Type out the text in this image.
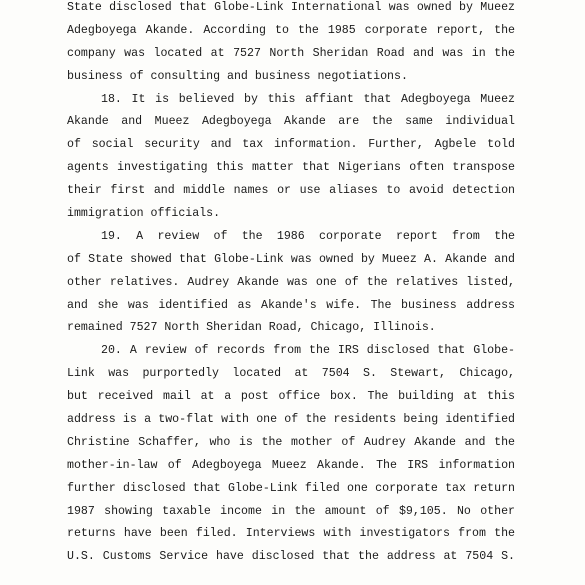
State disclosed that Globe-Link International was owned by Mueez
Adegboyega Akande. According to the 1985 corporate report, the
company was located at 7527 North Sheridan Road and was in the
business of consulting and business negotiations.
18. It is believed by this affiant that Adegboyega Mueez
Akande and Mueez Adegboyega Akande are the same individual
of social security and tax information. Further, Agbele told
agents investigating this matter that Nigerians often transpose
their first and middle names or use aliases to avoid detection
immigration officials.
19. A review of the 1986 corporate report from the
of State showed that Globe-Link was owned by Mueez A. Akande and
other relatives. Audrey Akande was one of the relatives listed,
and she was identified as Akande's wife. The business address
remained 7527 North Sheridan Road, Chicago, Illinois.
20. A review of records from the IRS disclosed that Globe-
Link was purportedly located at 7504 S. Stewart, Chicago,
but received mail at a post office box. The building at this
address is a two-flat with one of the residents being identified
Christine Schaffer, who is the mother of Audrey Akande and the
mother-in-law of Adegboyega Mueez Akande. The IRS information
further disclosed that Globe-Link filed one corporate tax return
1987 showing taxable income in the amount of $9,105. No other
returns have been filed. Interviews with investigators from the
U.S. Customs Service have disclosed that the address at 7504 S.
